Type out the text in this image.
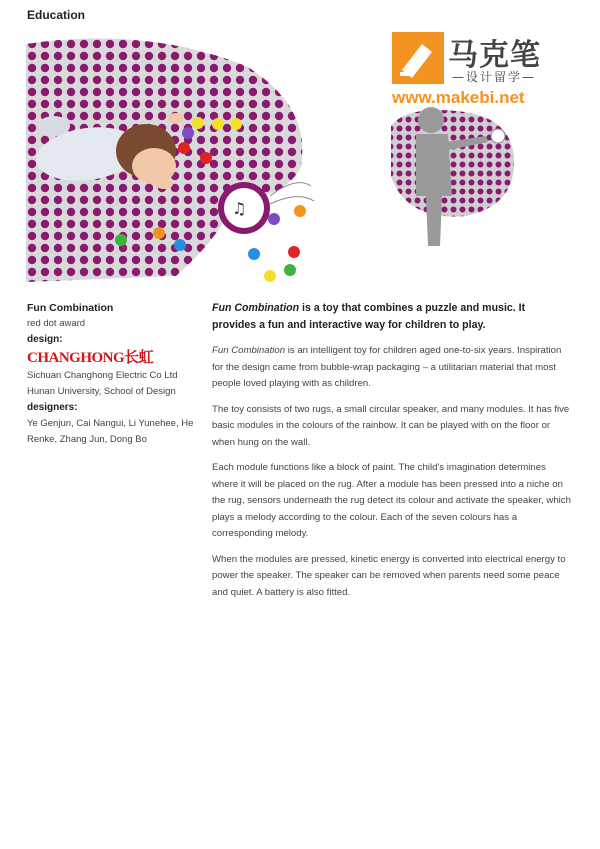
Education
♫
马克笔
—设计留学—
www.makebi.net
Fun Combination
red dot award
design:
CHANGHONG长虹
Sichuan Changhong Electric Co Ltd
Hunan University, School of Design
designers:
Ye Genjun, Cai Nangui, Li Yunehee, He Renke, Zhang Jun, Dong Bo
Fun Combination is a toy that combines a puzzle and music. It provides a fun and interactive way for children to play.

Fun Combination is an intelligent toy for children aged one-to-six years. Inspiration for the design came from bubble-wrap packaging – a utilitarian material that most people loved playing with as children.

The toy consists of two rugs, a small circular speaker, and many modules. It has five basic modules in the colours of the rainbow. It can be played with on the floor or when hung on the wall.

Each module functions like a block of paint. The child's imagination determines where it will be placed on the rug. After a module has been pressed into a niche on the rug, sensors underneath the rug detect its colour and activate the speaker, which plays a melody according to the colour. Each of the seven colours has a corresponding melody.

When the modules are pressed, kinetic energy is converted into electrical energy to power the speaker. The speaker can be removed when parents need some peace and quiet. A battery is also fitted.
